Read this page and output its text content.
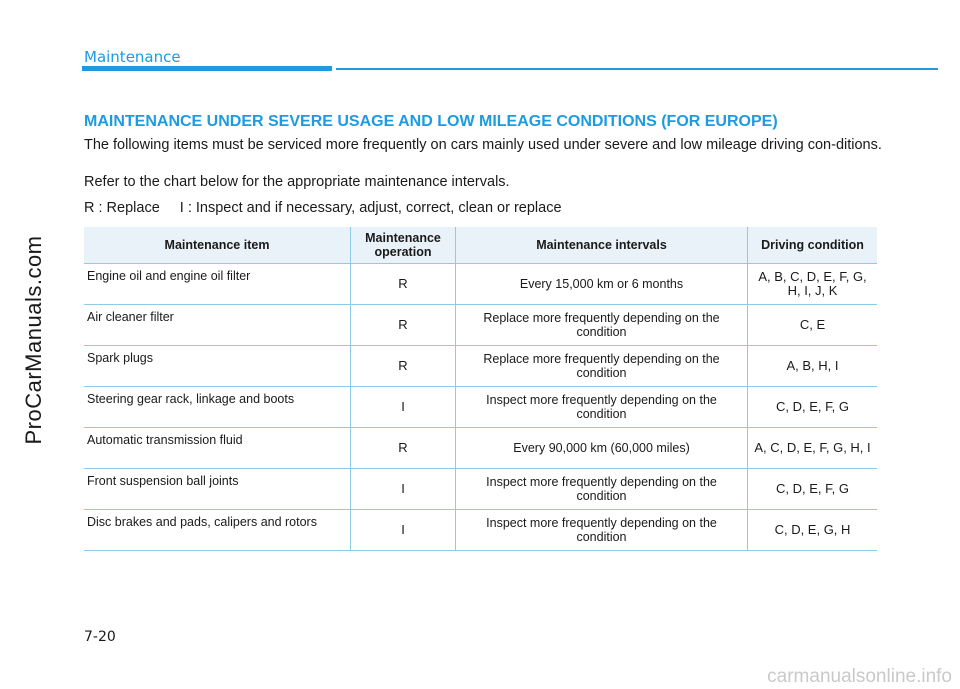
Maintenance
ProCarManuals.com
MAINTENANCE UNDER SEVERE USAGE AND LOW MILEAGE CONDITIONS (FOR EUROPE)
The following items must be serviced more frequently on cars mainly used under severe and low mileage driving con-ditions.
Refer to the chart below for the appropriate maintenance intervals.
R : Replace I : Inspect and if necessary, adjust, correct, clean or replace
Maintenance item	Maintenance operation	Maintenance intervals	Driving condition
Engine oil and engine oil filter	R	Every 15,000 km or 6 months	A, B, C, D, E, F, G, H, I, J, K
Air cleaner filter	R	Replace more frequently depending on the condition	C, E
Spark plugs	R	Replace more frequently depending on the condition	A, B, H, I
Steering gear rack, linkage and boots	I	Inspect more frequently depending on the condition	C, D, E, F, G
Automatic transmission fluid	R	Every 90,000 km (60,000 miles)	A, C, D, E, F, G, H, I
Front suspension ball joints	I	Inspect more frequently depending on the condition	C, D, E, F, G
Disc brakes and pads, calipers and rotors	I	Inspect more frequently depending on the condition	C, D, E, G, H
7-20
carmanualsonline.info
